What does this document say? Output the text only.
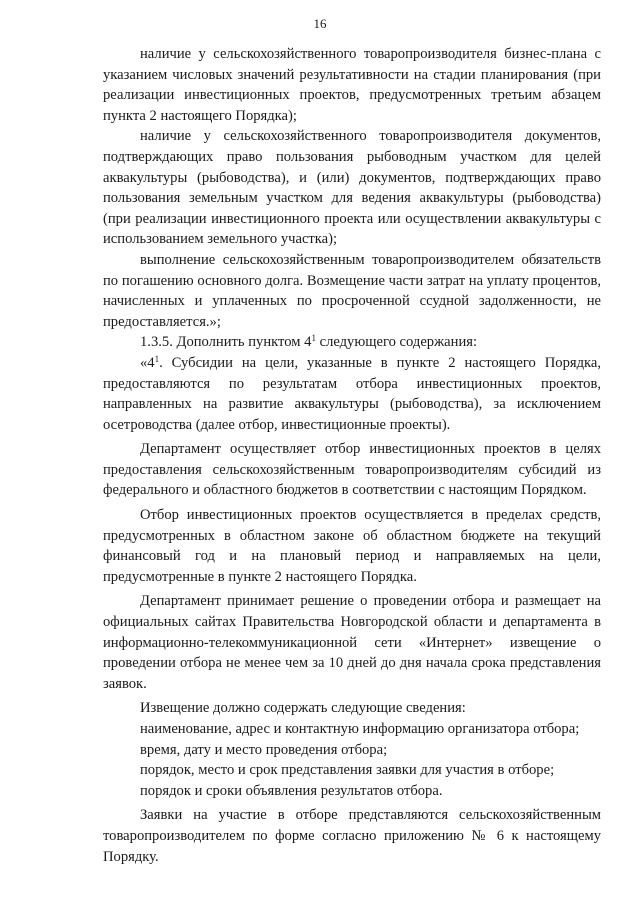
16

наличие у сельскохозяйственного товаропроизводителя бизнес-плана с указанием числовых значений результативности на стадии планирования (при реализации инвестиционных проектов, предусмотренных третьим абзацем пункта 2 настоящего Порядка);

наличие у сельскохозяйственного товаропроизводителя документов, подтверждающих право пользования рыбоводным участком для целей аквакультуры (рыбоводства), и (или) документов, подтверждающих право пользования земельным участком для ведения аквакультуры (рыбоводства) (при реализации инвестиционного проекта или осуществлении аквакультуры с использованием земельного участка);

выполнение сельскохозяйственным товаропроизводителем обязательств по погашению основного долга. Возмещение части затрат на уплату процентов, начисленных и уплаченных по просроченной ссудной задолженности, не предоставляется.»;

1.3.5. Дополнить пунктом $4^1$ следующего содержания:

«$4^1$. Субсидии на цели, указанные в пункте 2 настоящего Порядка, предоставляются по результатам отбора инвестиционных проектов, направленных на развитие аквакультуры (рыбоводства), за исключением осетроводства (далее отбор, инвестиционные проекты).

Департамент осуществляет отбор инвестиционных проектов в целях предоставления сельскохозяйственным товаропроизводителям субсидий из федерального и областного бюджетов в соответствии с настоящим Порядком.

Отбор инвестиционных проектов осуществляется в пределах средств, предусмотренных в областном законе об областном бюджете на текущий финансовый год и на плановый период и направляемых на цели, предусмотренные в пункте 2 настоящего Порядка.

Департамент принимает решение о проведении отбора и размещает на официальных сайтах Правительства Новгородской области и департамента в информационно-телекоммуникационной сети «Интернет» извещение о проведении отбора не менее чем за 10 дней до дня начала срока представления заявок.

Извещение должно содержать следующие сведения:

наименование, адрес и контактную информацию организатора отбора;

время, дату и место проведения отбора;

порядок, место и срок представления заявки для участия в отборе;

порядок и сроки объявления результатов отбора.

Заявки на участие в отборе представляются сельскохозяйственным товаропроизводителем по форме согласно приложению № 6 к настоящему Порядку.
